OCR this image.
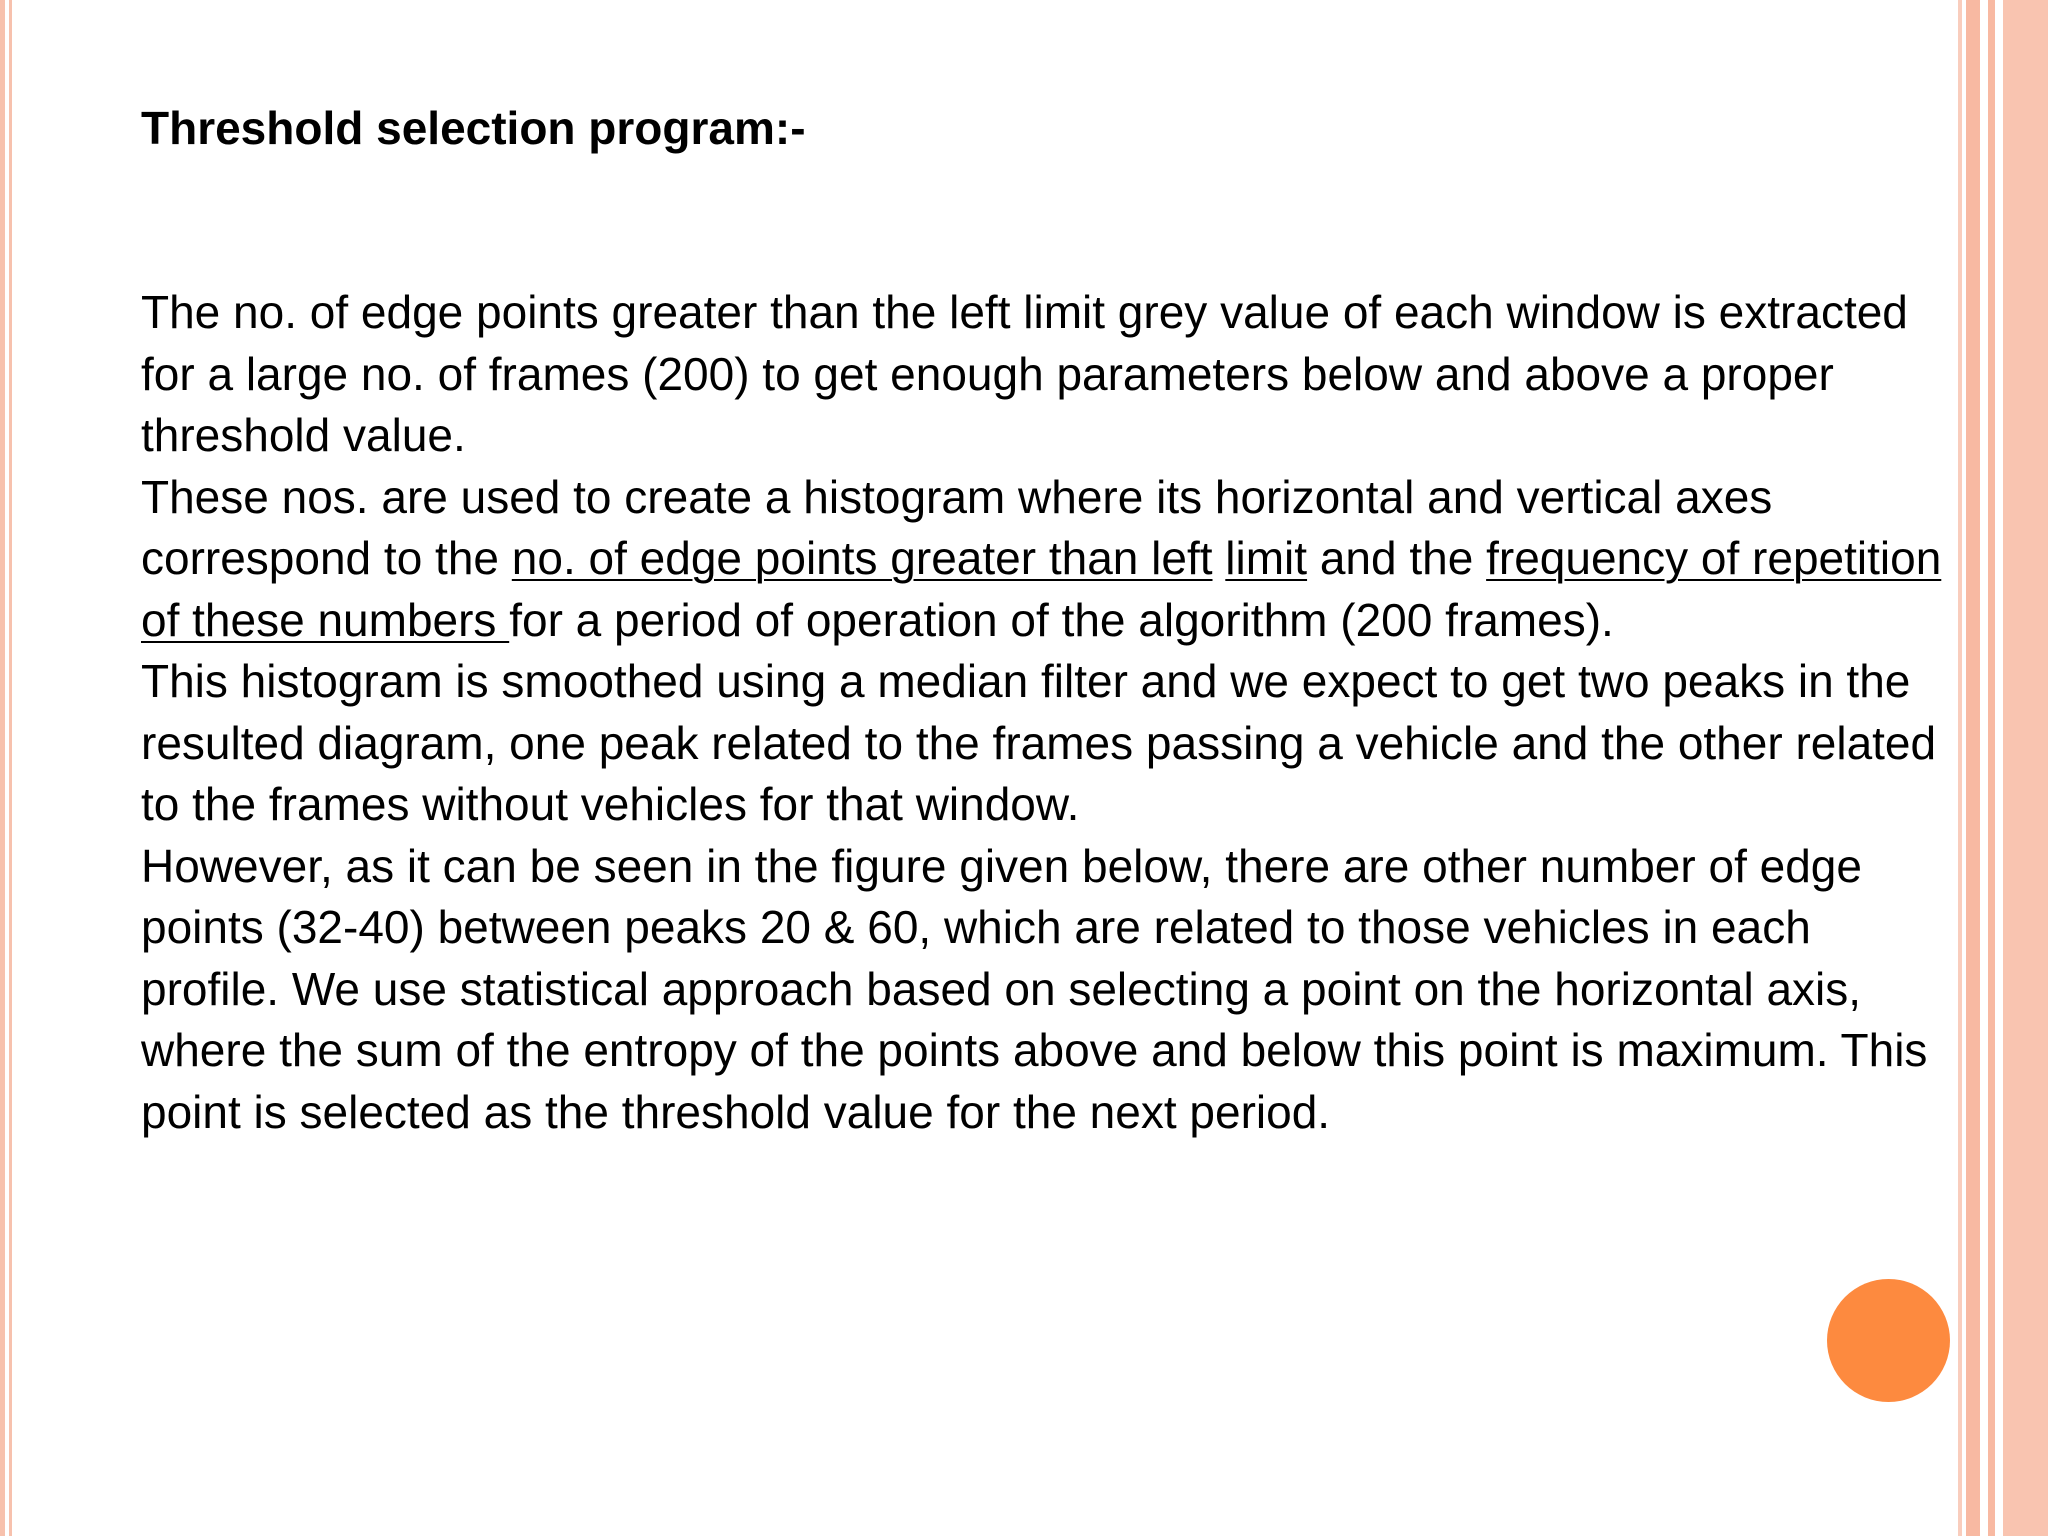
Threshold selection program:-

The no. of edge points greater than the left limit grey value of each window is extracted for a large no. of frames (200) to get enough parameters below and above a proper threshold value.

These nos. are used to create a histogram where its horizontal and vertical axes correspond to the no. of edge points greater than left limit and the frequency of repetition of these numbers for a period of operation of the algorithm (200 frames).

This histogram is smoothed using a median filter and we expect to get two peaks in the resulted diagram, one peak related to the frames passing a vehicle and the other related to the frames without vehicles for that window.

However, as it can be seen in the figure given below, there are other number of edge points (32-40) between peaks 20 & 60, which are related to those vehicles in each profile. We use statistical approach based on selecting a point on the horizontal axis, where the sum of the entropy of the points above and below this point is maximum. This point is selected as the threshold value for the next period.
